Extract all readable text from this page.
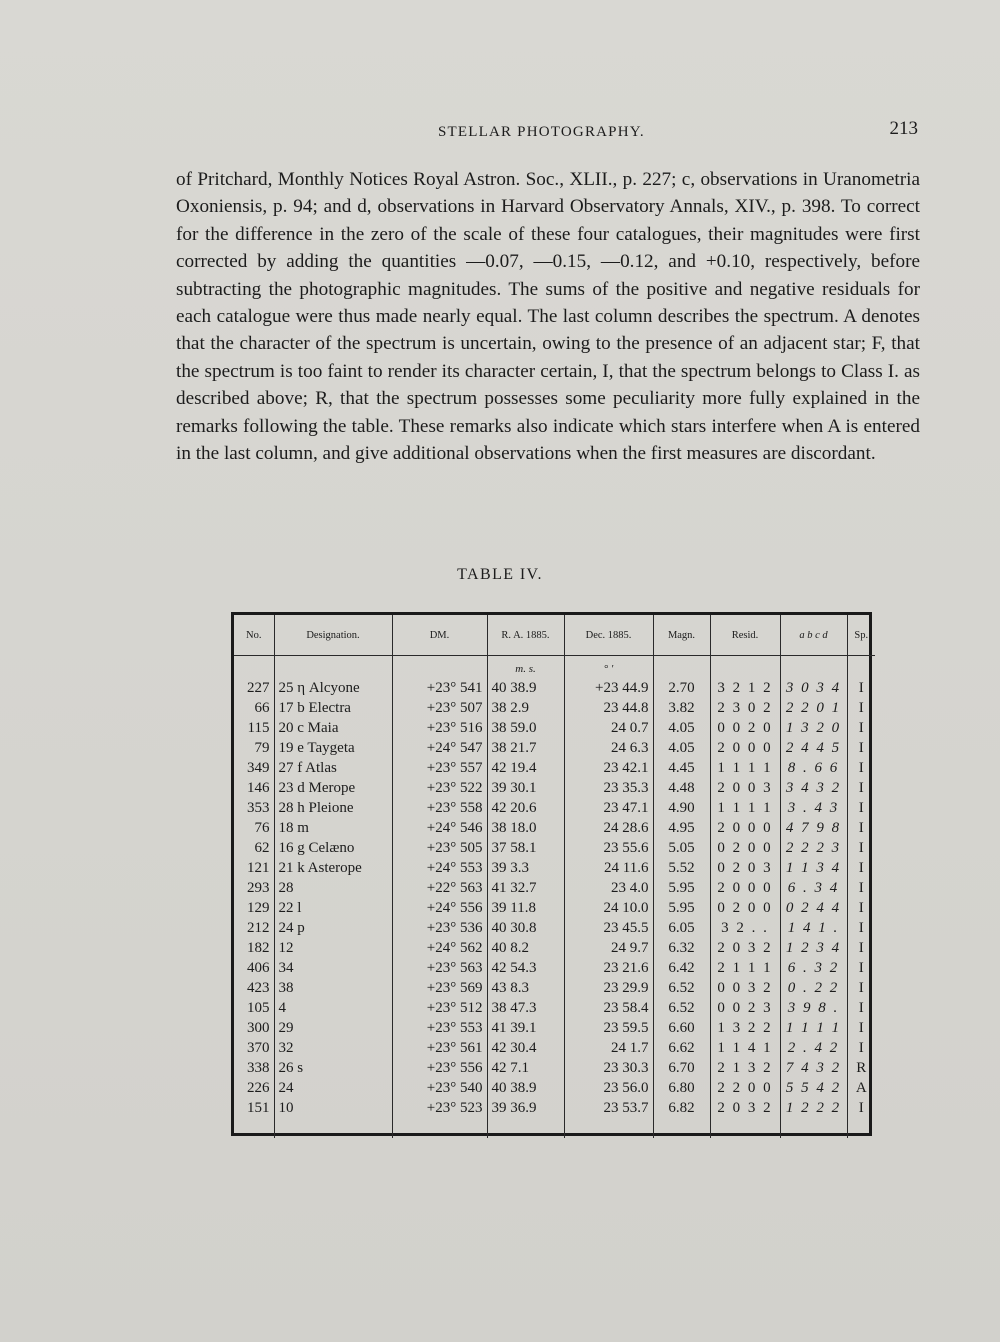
STELLAR PHOTOGRAPHY.	213

of Pritchard, Monthly Notices Royal Astron. Soc., XLII., p. 227; c, observations in Uranometria Oxoniensis, p. 94; and d, observations in Harvard Observatory Annals, XIV., p. 398. To correct for the difference in the zero of the scale of these four catalogues, their magnitudes were first corrected by adding the quantities —0.07, —0.15, —0.12, and +0.10, respectively, before subtracting the photographic magnitudes. The sums of the positive and negative residuals for each catalogue were thus made nearly equal. The last column describes the spectrum. A denotes that the character of the spectrum is uncertain, owing to the presence of an adjacent star; F, that the spectrum is too faint to render its character certain, I, that the spectrum belongs to Class I. as described above; R, that the spectrum possesses some peculiarity more fully explained in the remarks following the table. These remarks also indicate which stars interfere when A is entered in the last column, and give additional observations when the first measures are discordant.

TABLE IV.
No.	Designation.	DM.	R. A. 1885.	Dec. 1885.	Magn.	Resid.	a b c d	Sp.
			m. s.	° ′				
227	25 η Alcyone	+23° 541	40 38.9	+23 44.9	2.70	3 2 1 2	3 0 3 4	I
66	17 b Electra	+23° 507	38 2.9	23 44.8	3.82	2 3 0 2	2 2 0 1	I
115	20 c Maia	+23° 516	38 59.0	24 0.7	4.05	0 0 2 0	1 3 2 0	I
79	19 e Taygeta	+24° 547	38 21.7	24 6.3	4.05	2 0 0 0	2 4 4 5	I
349	27 f Atlas	+23° 557	42 19.4	23 42.1	4.45	1 1 1 1	8 . 6 6	I
146	23 d Merope	+23° 522	39 30.1	23 35.3	4.48	2 0 0 3	3 4 3 2	I
353	28 h Pleione	+23° 558	42 20.6	23 47.1	4.90	1 1 1 1	3 . 4 3	I
76	18 m	+24° 546	38 18.0	24 28.6	4.95	2 0 0 0	4 7 9 8	I
62	16 g Celæno	+23° 505	37 58.1	23 55.6	5.05	0 2 0 0	2 2 2 3	I
121	21 k Asterope	+24° 553	39 3.3	24 11.6	5.52	0 2 0 3	1 1 3 4	I
293	28	+22° 563	41 32.7	23 4.0	5.95	2 0 0 0	6 . 3 4	I
129	22 l	+24° 556	39 11.8	24 10.0	5.95	0 2 0 0	0 2 4 4	I
212	24 p	+23° 536	40 30.8	23 45.5	6.05	3 2 . .	1 4 1 .	I
182	12	+24° 562	40 8.2	24 9.7	6.32	2 0 3 2	1 2 3 4	I
406	34	+23° 563	42 54.3	23 21.6	6.42	2 1 1 1	6 . 3 2	I
423	38	+23° 569	43 8.3	23 29.9	6.52	0 0 3 2	0 . 2 2	I
105	4	+23° 512	38 47.3	23 58.4	6.52	0 0 2 3	3 9 8 .	I
300	29	+23° 553	41 39.1	23 59.5	6.60	1 3 2 2	1 1 1 1	I
370	32	+23° 561	42 30.4	24 1.7	6.62	1 1 4 1	2 . 4 2	I
338	26 s	+23° 556	42 7.1	23 30.3	6.70	2 1 3 2	7 4 3 2	R
226	24	+23° 540	40 38.9	23 56.0	6.80	2 2 0 0	5 5 4 2	A
151	10	+23° 523	39 36.9	23 53.7	6.82	2 0 3 2	1 2 2 2	I
